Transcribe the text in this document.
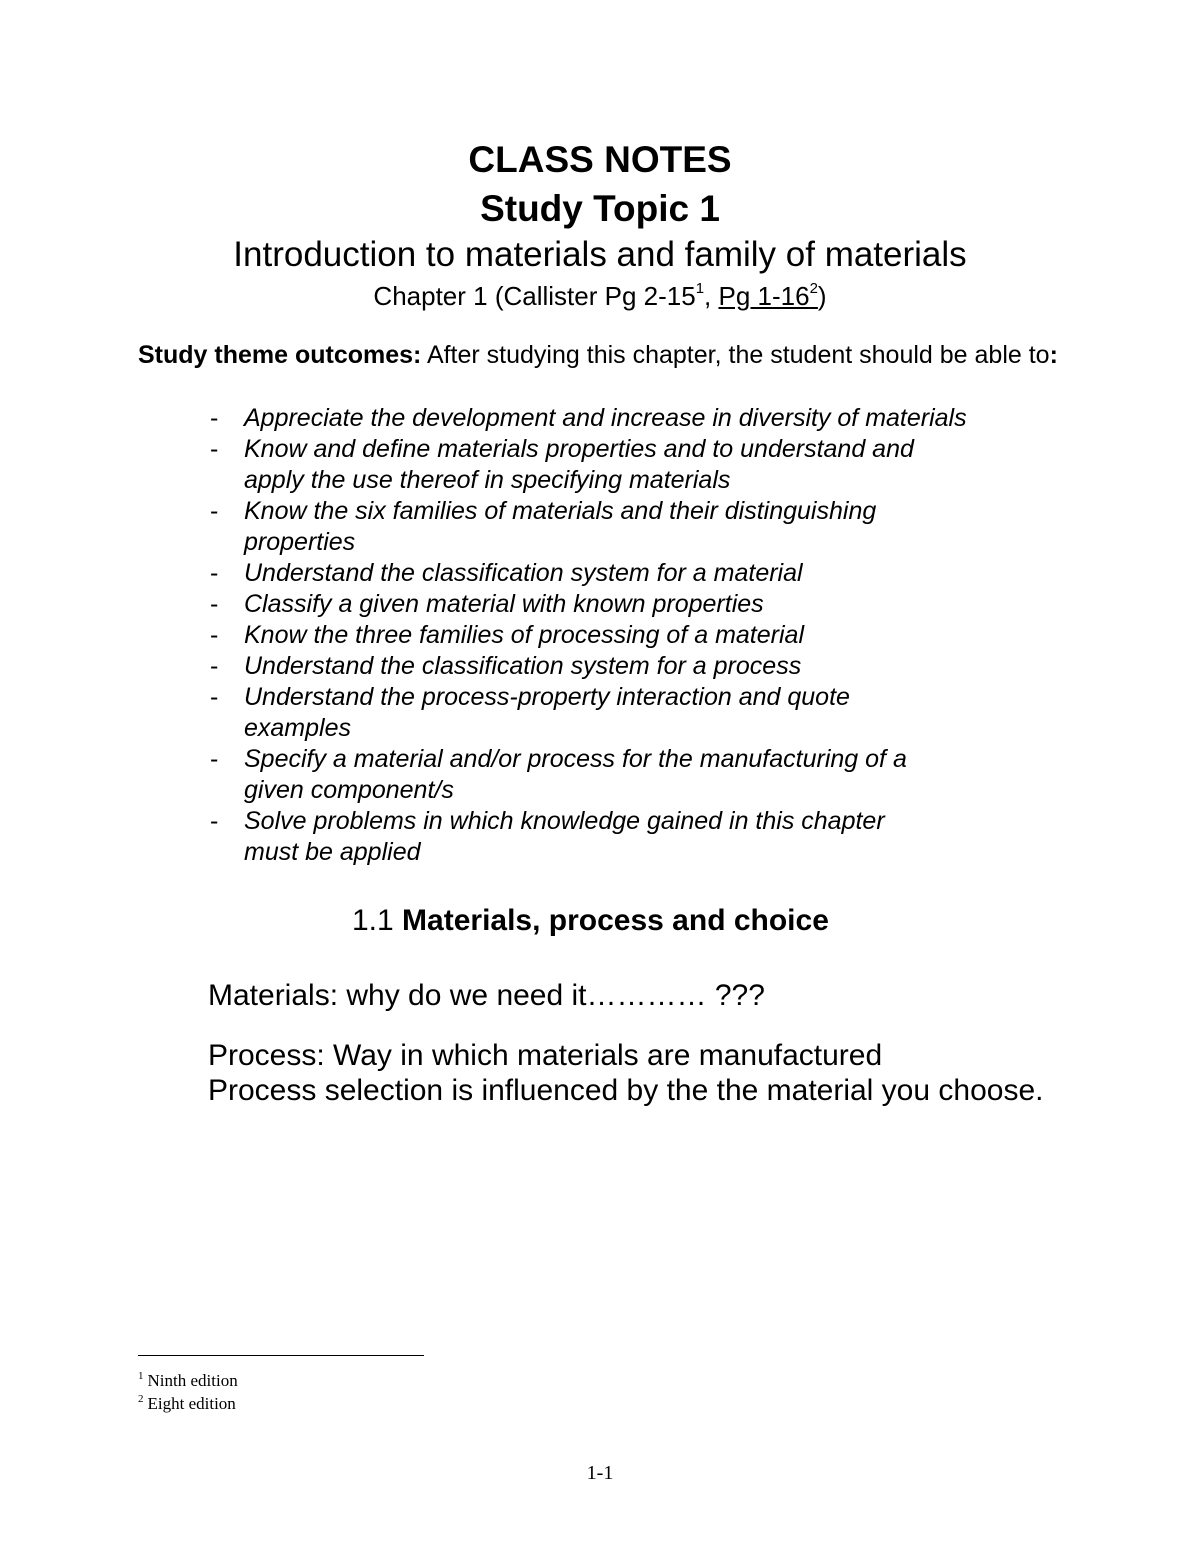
CLASS NOTES
Study Topic 1
Introduction to materials and family of materials
Chapter 1 (Callister Pg $2-15^1$, Pg $1-16^2$)
Study theme outcomes: After studying this chapter, the student should be able to:
- Appreciate the development and increase in diversity of materials
- Know and define materials properties and to understand and
apply the use thereof in specifying materials
- Know the six families of materials and their distinguishing
properties
- Understand the classification system for a material
- Classify a given material with known properties
- Know the three families of processing of a material
- Understand the classification system for a process
- Understand the process-property interaction and quote
examples
- Specify a material and/or process for the manufacturing of a
given component/s
- Solve problems in which knowledge gained in this chapter
must be applied
1.1 Materials, process and choice
Materials: why do we need it………… ???
Process: Way in which materials are manufactured
Process selection is influenced by the the material you choose.
$^1$ Ninth edition
$^2$ Eight edition
1-1
